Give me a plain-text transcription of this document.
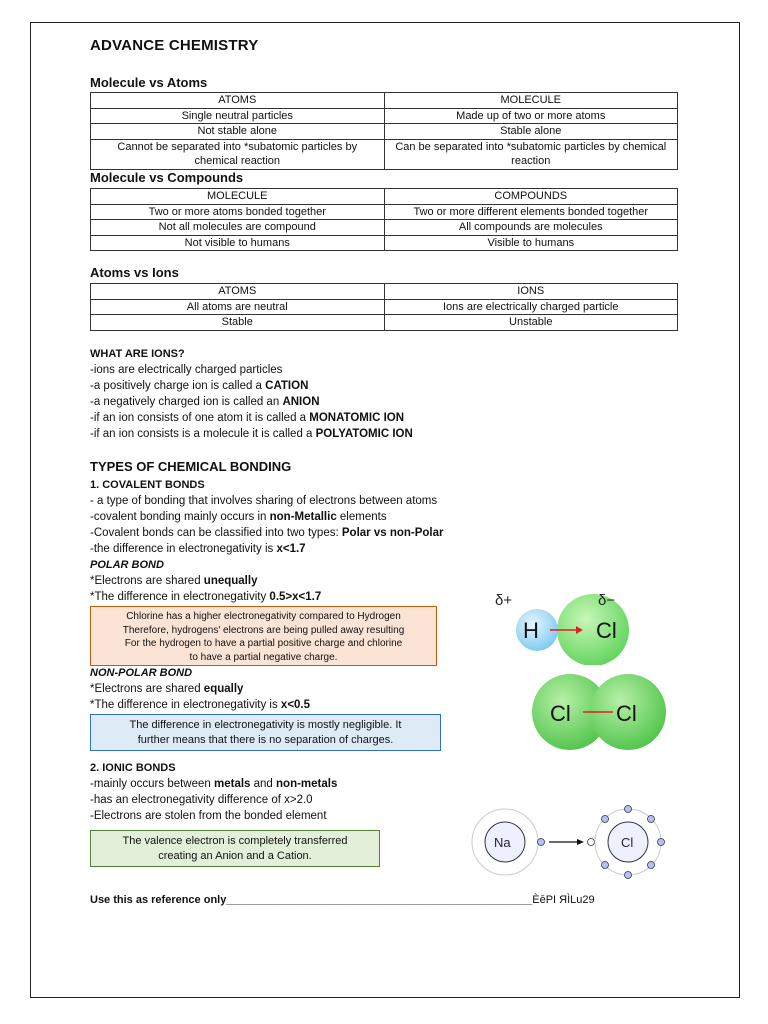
ADVANCE CHEMISTRY
Molecule vs Atoms
ATOMS	MOLECULE
Single neutral particles	Made up of two or more atoms
Not stable alone	Stable alone
Cannot be separated into *subatomic particles by chemical reaction	Can be separated into *subatomic particles by chemical reaction
Molecule vs Compounds
MOLECULE	COMPOUNDS
Two or more atoms bonded together	Two or more different elements bonded together
Not all molecules are compound	All compounds are molecules
Not visible to humans	Visible to humans
Atoms vs Ions
ATOMS	IONS
All atoms are neutral	Ions are electrically charged particle
Stable	Unstable
WHAT ARE IONS?
-ions are electrically charged particles
-a positively charge ion is called a CATION
-a negatively charged ion is called an ANION
-if an ion consists of one atom it is called a MONATOMIC ION
-if an ion consists is a molecule it is called a POLYATOMIC ION
TYPES OF CHEMICAL BONDING
1. COVALENT BONDS
- a type of bonding that involves sharing of electrons between atoms
-covalent bonding mainly occurs in non-Metallic elements
-Covalent bonds can be classified into two types: Polar vs non-Polar
-the difference in electronegativity is x<1.7
POLAR BOND
*Electrons are shared unequally
*The difference in electronegativity 0.5>x<1.7
Chlorine has a higher electronegativity compared to Hydrogen
Therefore, hydrogens' electrons are being pulled away resulting
For the hydrogen to have a partial positive charge and chlorine
to have a partial negative charge.
NON-POLAR BOND
*Electrons are shared equally
*The difference in electronegativity is x<0.5
The difference in electronegativity is mostly negligible. It
further means that there is no separation of charges.
2. IONIC BONDS
-mainly occurs between metals and non-metals
-has an electronegativity difference of x>2.0
-Electrons are stolen from the bonded element
The valence electron is completely transferred
creating an Anion and a Cation.
δ+	δ−
H	Cl
Cl Cl
Na	Cl
Use this as reference only__________________________________________________ÈēPI ЯÌLu29
